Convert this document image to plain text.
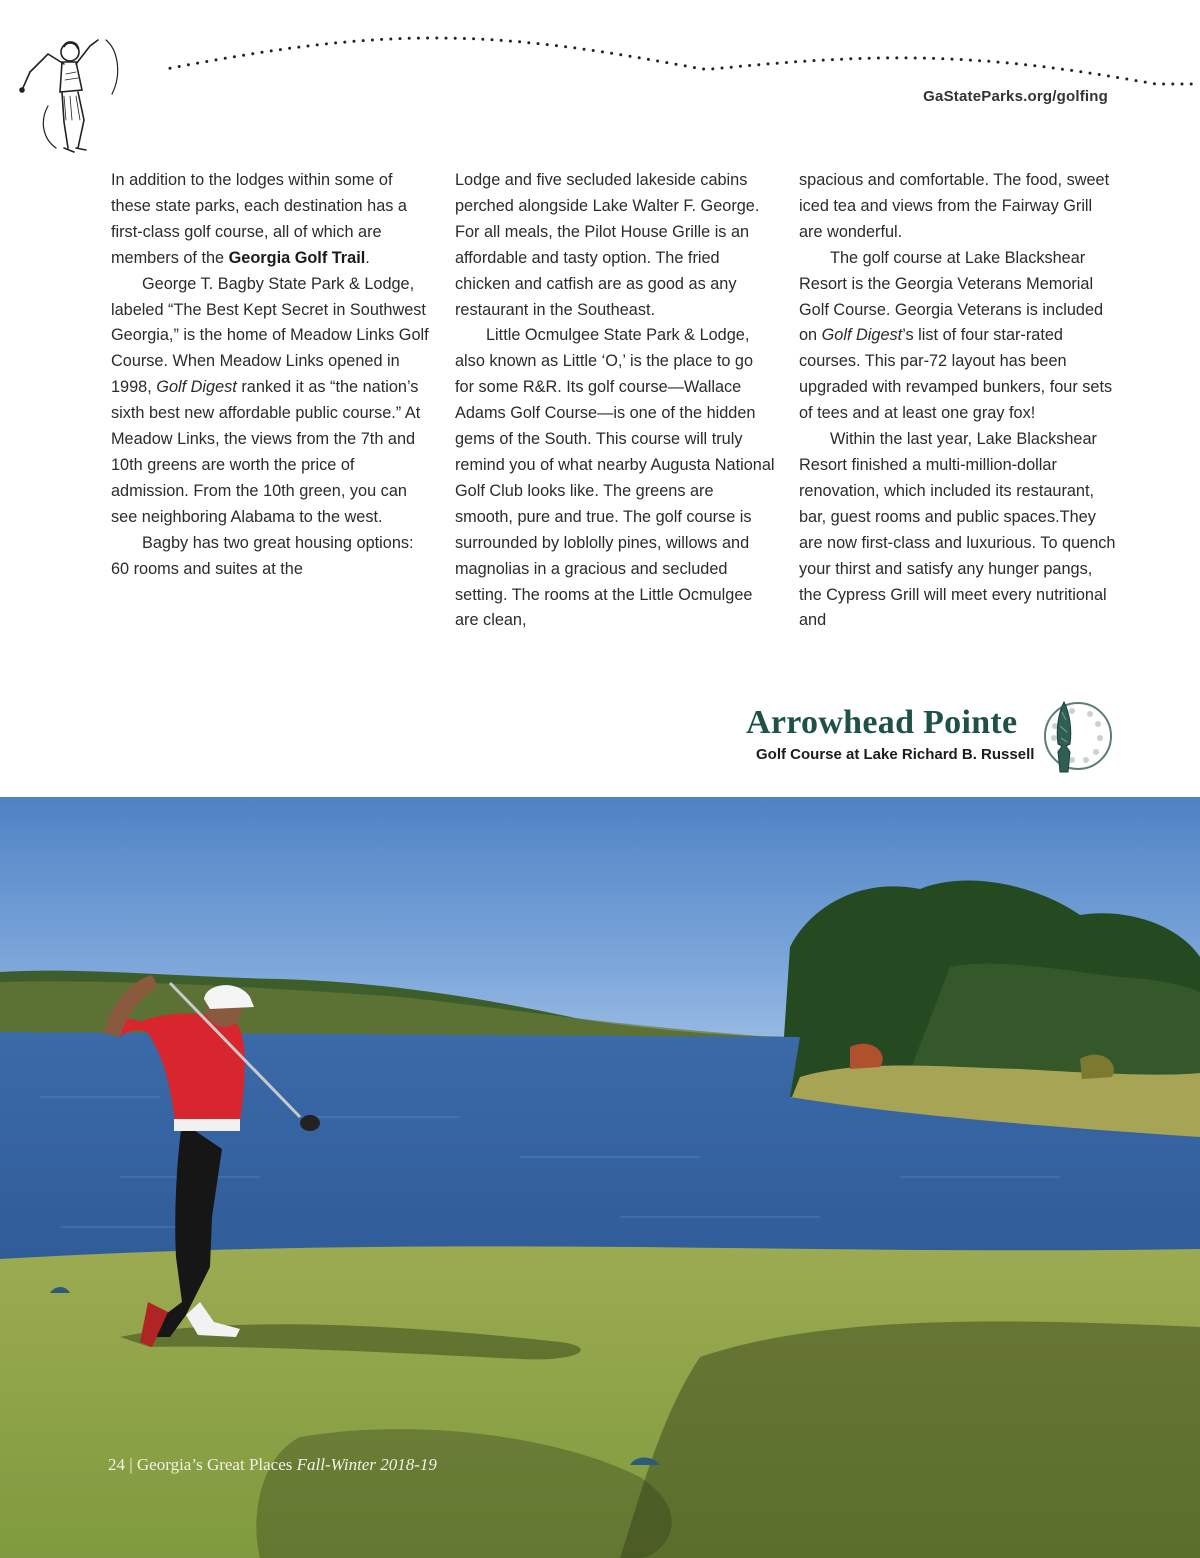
GaStateParks.org/golfing

In addition to the lodges within some of these state parks, each destination has a first-class golf course, all of which are members of the Georgia Golf Trail.

George T. Bagby State Park & Lodge, labeled “The Best Kept Secret in Southwest Georgia,” is the home of Meadow Links Golf Course. When Meadow Links opened in 1998, Golf Digest ranked it as “the nation’s sixth best new affordable public course.” At Meadow Links, the views from the 7th and 10th greens are worth the price of admission. From the 10th green, you can see neighboring Alabama to the west.

Bagby has two great housing options: 60 rooms and suites at the

Lodge and five secluded lakeside cabins perched alongside Lake Walter F. George. For all meals, the Pilot House Grille is an affordable and tasty option. The fried chicken and catfish are as good as any restaurant in the Southeast.

Little Ocmulgee State Park & Lodge, also known as Little ‘O,’ is the place to go for some R&R. Its golf course—Wallace Adams Golf Course—is one of the hidden gems of the South. This course will truly remind you of what nearby Augusta National Golf Club looks like. The greens are smooth, pure and true. The golf course is surrounded by loblolly pines, willows and magnolias in a gracious and secluded setting. The rooms at the Little Ocmulgee are clean,

spacious and comfortable. The food, sweet iced tea and views from the Fairway Grill are wonderful.

The golf course at Lake Blackshear Resort is the Georgia Veterans Memorial Golf Course. Georgia Veterans is included on Golf Digest’s list of four star-rated courses. This par-72 layout has been upgraded with revamped bunkers, four sets of tees and at least one gray fox!

Within the last year, Lake Blackshear Resort finished a multi-million-dollar renovation, which included its restaurant, bar, guest rooms and public spaces.They are now first-class and luxurious. To quench your thirst and satisfy any hunger pangs, the Cypress Grill will meet every nutritional and

Arrowhead Pointe
Golf Course at Lake Richard B. Russell
24 | Georgia’s Great Places Fall-Winter 2018-19
